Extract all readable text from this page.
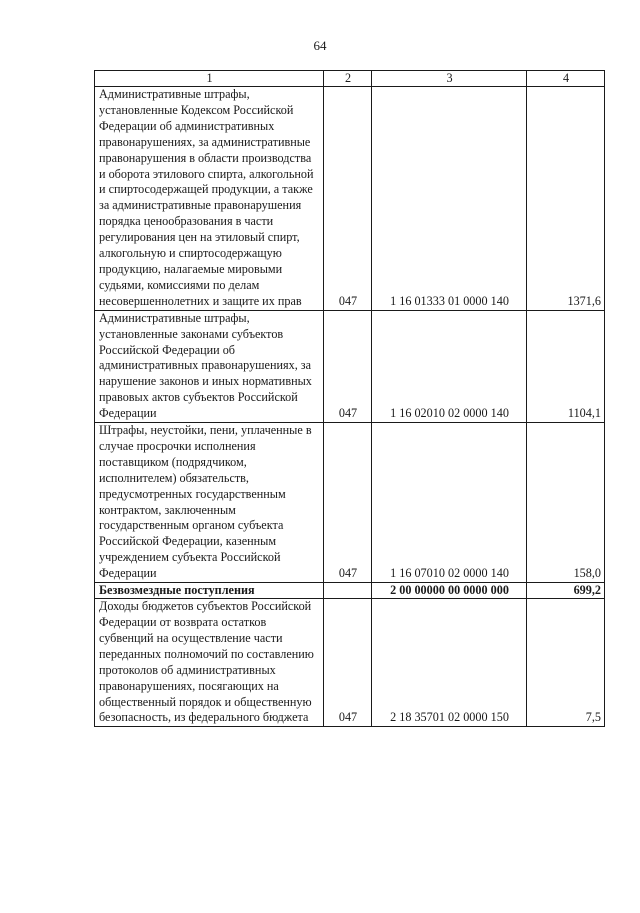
64
1	2	3	4
Административные штрафы, установленные Кодексом Российской Федерации об административных правонарушениях, за административные правонарушения в области производства и оборота этилового спирта, алкогольной и спиртосодержащей продукции, а также за административные правонарушения порядка ценообразования в части регулирования цен на этиловый спирт, алкогольную и спиртосодержащую продукцию, налагаемые мировыми судьями, комиссиями по делам несовершеннолетних и защите их прав	047	1 16 01333 01 0000 140	1371,6
Административные штрафы, установленные законами субъектов Российской Федерации об административных правонарушениях, за нарушение законов и иных нормативных правовых актов субъектов Российской Федерации	047	1 16 02010 02 0000 140	1104,1
Штрафы, неустойки, пени, уплаченные в случае просрочки исполнения поставщиком (подрядчиком, исполнителем) обязательств, предусмотренных государственным контрактом, заключенным государственным органом субъекта Российской Федерации, казенным учреждением субъекта Российской Федерации	047	1 16 07010 02 0000 140	158,0
Безвозмездные поступления		2 00 00000 00 0000 000	699,2
Доходы бюджетов субъектов Российской Федерации от возврата остатков субвенций на осуществление части переданных полномочий по составлению протоколов об административных правонарушениях, посягающих на общественный порядок и общественную безопасность, из федерального бюджета	047	2 18 35701 02 0000 150	7,5
